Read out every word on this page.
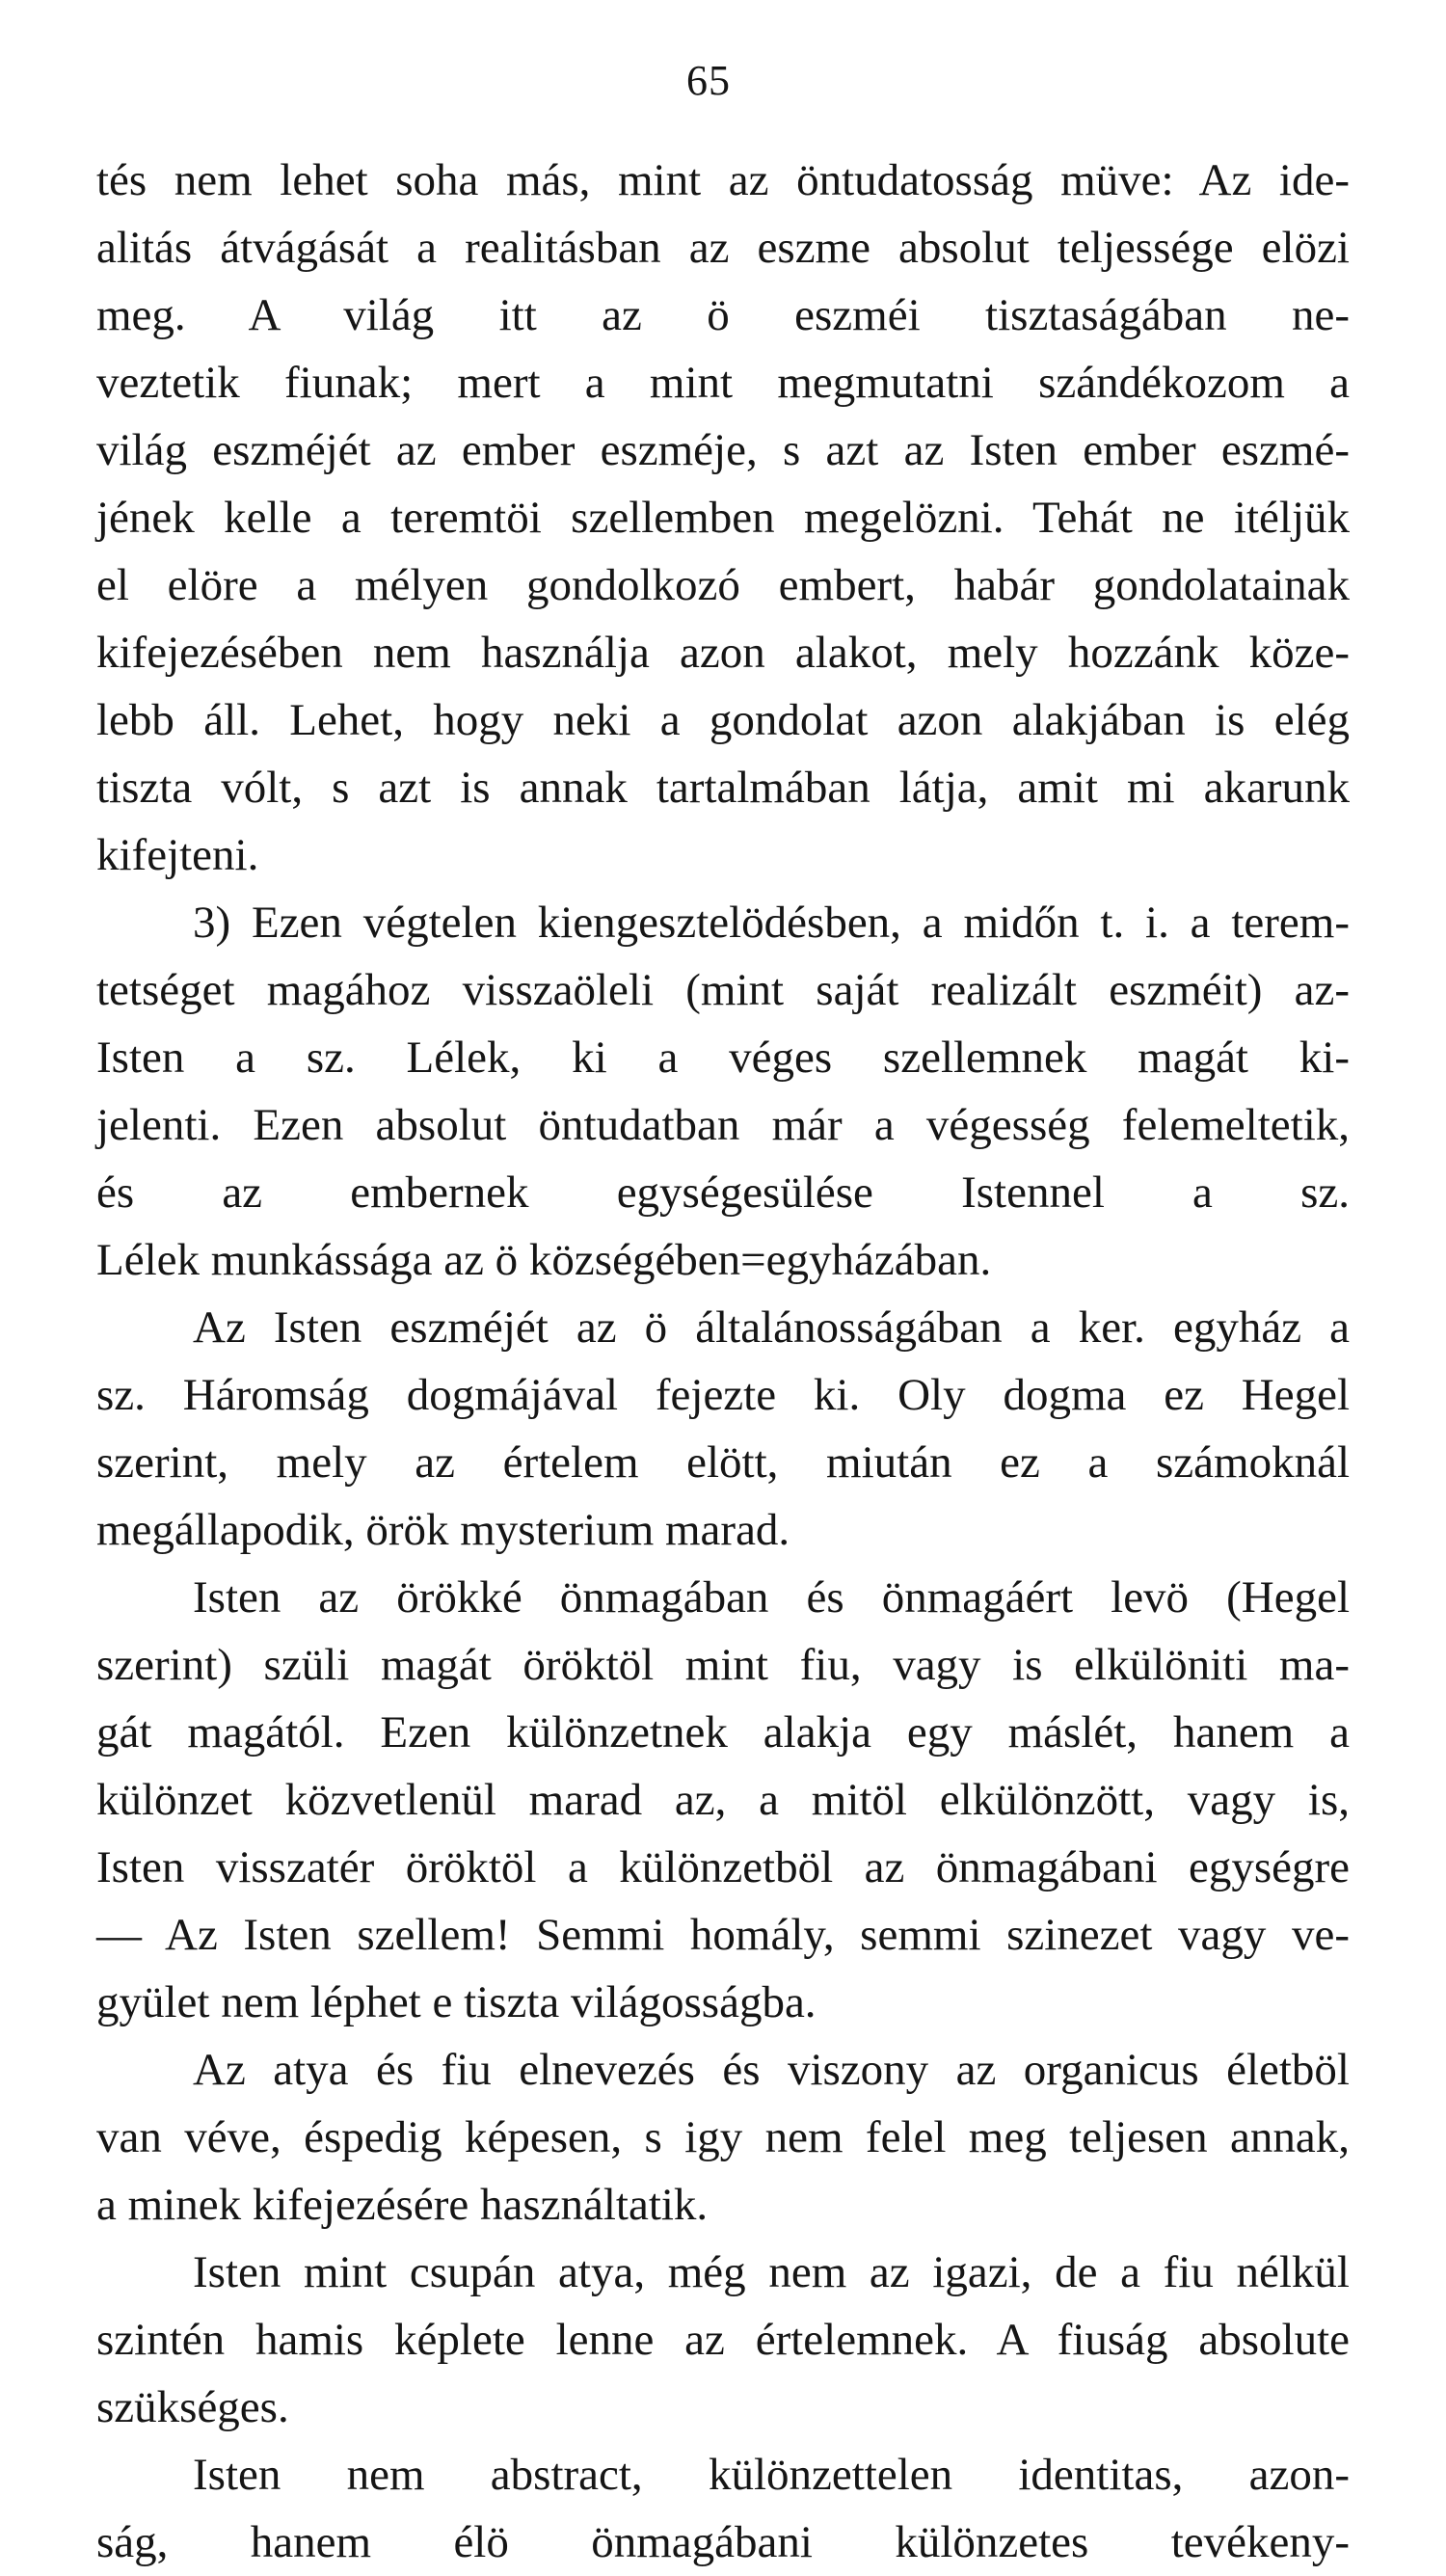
65
tés nem lehet soha más, mint az öntudatosság müve: Az ide-
alitás átvágását a realitásban az eszme absolut teljessége elözi
meg. A világ itt az ö eszméi tisztaságában ne-
veztetik fiunak; mert a mint megmutatni szándékozom a
világ eszméjét az ember eszméje, s azt az Isten ember eszmé-
jének kelle a teremtöi szellemben megelözni. Tehát ne itéljük
el elöre a mélyen gondolkozó embert, habár gondolatainak
kifejezésében nem használja azon alakot, mely hozzánk köze-
lebb áll. Lehet, hogy neki a gondolat azon alakjában is elég
tiszta vólt, s azt is annak tartalmában látja, amit mi akarunk
kifejteni.
3) Ezen végtelen kiengesztelödésben, a midőn t. i. a terem-
tetséget magához visszaöleli (mint saját realizált eszméit) az-
Isten a sz. Lélek, ki a véges szellemnek magát ki-
jelenti. Ezen absolut öntudatban már a végesség felemeltetik,
és az embernek egységesülése Istennel a sz.
Lélek munkássága az ö községében=egyházában.
Az Isten eszméjét az ö általánosságában a ker. egyház a
sz. Háromság dogmájával fejezte ki. Oly dogma ez Hegel
szerint, mely az értelem elött, miután ez a számoknál
megállapodik, örök mysterium marad.
Isten az örökké önmagában és önmagáért levö (Hegel
szerint) szüli magát öröktöl mint fiu, vagy is elkülöniti ma-
gát magától. Ezen különzetnek alakja egy máslét, hanem a
különzet közvetlenül marad az, a mitöl elkülönzött, vagy is,
Isten visszatér öröktöl a különzetböl az önmagábani egységre
— Az Isten szellem! Semmi homály, semmi szinezet vagy ve-
gyület nem léphet e tiszta világosságba.
Az atya és fiu elnevezés és viszony az organicus életböl
van véve, éspedig képesen, s igy nem felel meg teljesen annak,
a minek kifejezésére használtatik.
Isten mint csupán atya, még nem az igazi, de a fiu nélkül
szintén hamis képlete lenne az értelemnek. A fiuság absolute
szükséges.
Isten nem abstract, különzettelen identitas, azon-
ság, hanem élö önmagábani különzetes tevékeny-
